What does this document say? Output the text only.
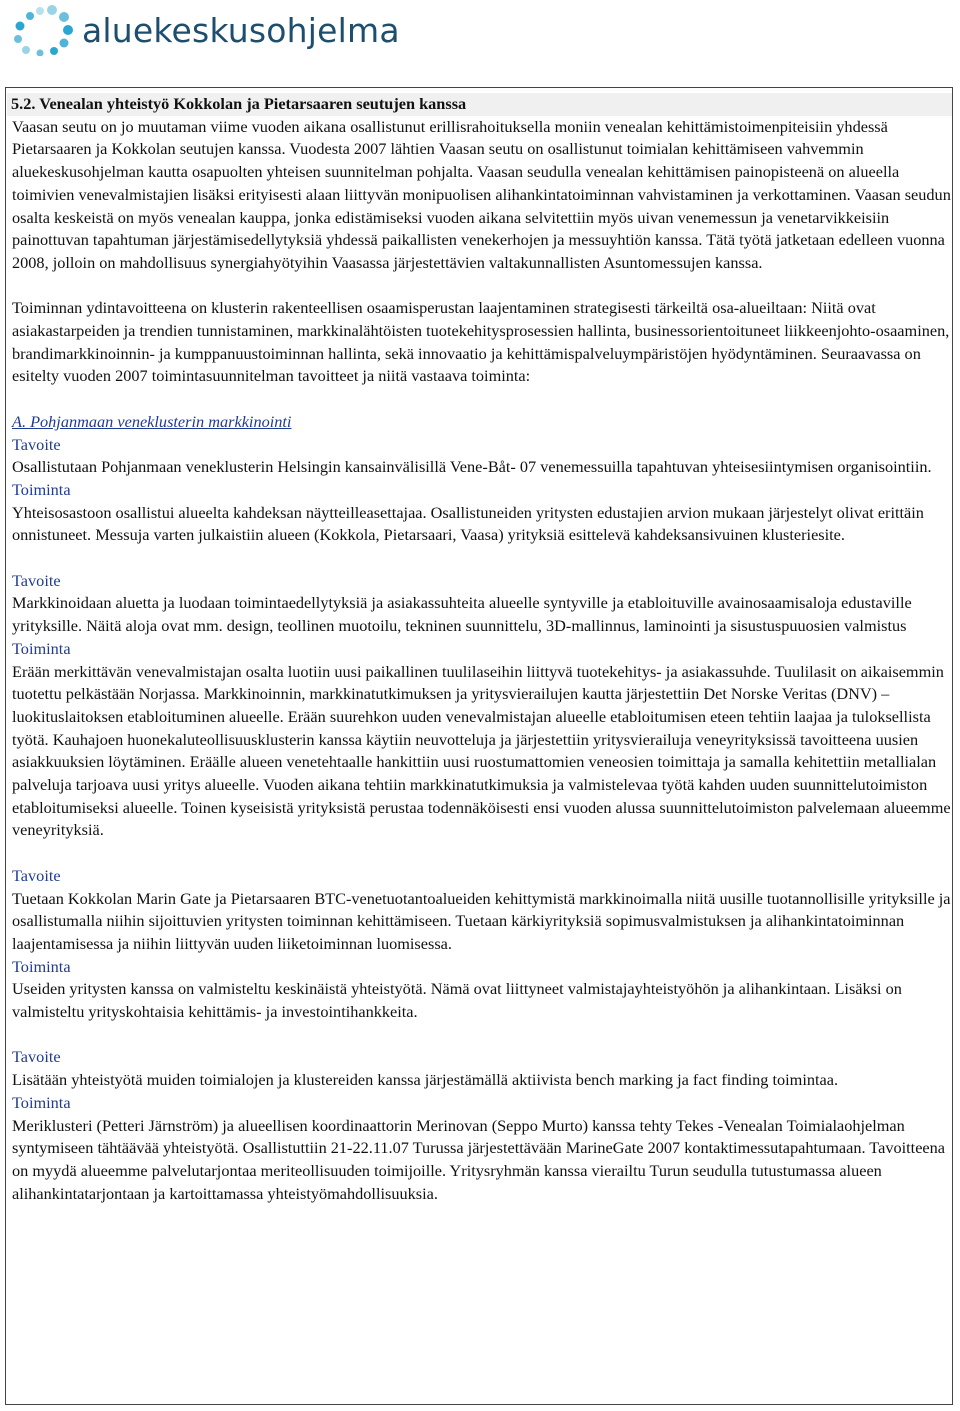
aluekeskusohjelma

5.2. Venealan yhteistyö Kokkolan ja Pietarsaaren seutujen kanssa

Vaasan seutu on jo muutaman viime vuoden aikana osallistunut erillisrahoituksella moniin venealan kehittämistoimenpiteisiin yhdessä Pietarsaaren ja Kokkolan seutujen kanssa. Vuodesta 2007 lähtien Vaasan seutu on osallistunut toimialan kehittämiseen vahvemmin aluekeskusohjelman kautta osapuolten yhteisen suunnitelman pohjalta. Vaasan seudulla venealan kehittämisen painopisteenä on alueella toimivien venevalmistajien lisäksi erityisesti alaan liittyvän monipuolisen alihankintatoiminnan vahvistaminen ja verkottaminen. Vaasan seudun osalta keskeistä on myös venealan kauppa, jonka edistämiseksi vuoden aikana selvitettiin myös uivan venemessun ja venetarvikkeisiin painottuvan tapahtuman järjestämisedellytyksiä yhdessä paikallisten venekerhojen ja messuyhtiön kanssa. Tätä työtä jatketaan edelleen vuonna 2008, jolloin on mahdollisuus synergiahyötyihin Vaasassa järjestettävien valtakunnallisten Asuntomessujen kanssa.

Toiminnan ydintavoitteena on klusterin rakenteellisen osaamisperustan laajentaminen strategisesti tärkeiltä osa-alueiltaan: Niitä ovat asiakastarpeiden ja trendien tunnistaminen, markkinalähtöisten tuotekehitysprosessien hallinta, businessorientoituneet liikkeenjohto-osaaminen, brandimarkkinoinnin- ja kumppanuustoiminnan hallinta, sekä innovaatio ja kehittämispalveluympäristöjen hyödyntäminen. Seuraavassa on esitelty vuoden 2007 toimintasuunnitelman tavoitteet ja niitä vastaava toiminta:

A. Pohjanmaan veneklusterin markkinointi

Tavoite

Osallistutaan Pohjanmaan veneklusterin Helsingin kansainvälisillä Vene-Båt- 07 venemessuilla tapahtuvan yhteisesiintymisen organisointiin.

Toiminta

Yhteisosastoon osallistui alueelta kahdeksan näytteilleasettajaa. Osallistuneiden yritysten edustajien arvion mukaan järjestelyt olivat erittäin onnistuneet. Messuja varten julkaistiin alueen (Kokkola, Pietarsaari, Vaasa) yrityksiä esittelevä kahdeksansivuinen klusteriesite.

Tavoite

Markkinoidaan aluetta ja luodaan toimintaedellytyksiä ja asiakassuhteita alueelle syntyville ja etabloituville avainosaamisaloja edustaville yrityksille. Näitä aloja ovat mm. design, teollinen muotoilu, tekninen suunnittelu, 3D-mallinnus, laminointi ja sisustuspuuosien valmistus

Toiminta

Erään merkittävän venevalmistajan osalta luotiin uusi paikallinen tuulilaseihin liittyvä tuotekehitys- ja asiakassuhde. Tuulilasit on aikaisemmin tuotettu pelkästään Norjassa. Markkinoinnin, markkinatutkimuksen ja yritysvierailujen kautta järjestettiin Det Norske Veritas (DNV) –luokituslaitoksen etabloituminen alueelle. Erään suurehkon uuden venevalmistajan alueelle etabloitumisen eteen tehtiin laajaa ja tuloksellista työtä. Kauhajoen huonekaluteollisuusklusterin kanssa käytiin neuvotteluja ja järjestettiin yritysvierailuja veneyrityksissä tavoitteena uusien asiakkuuksien löytäminen. Eräälle alueen venetehtaalle hankittiin uusi ruostumattomien veneosien toimittaja ja samalla kehitettiin metallialan palveluja tarjoava uusi yritys alueelle. Vuoden aikana tehtiin markkinatutkimuksia ja valmistelevaa työtä kahden uuden suunnittelutoimiston etabloitumiseksi alueelle. Toinen kyseisistä yrityksistä perustaa todennäköisesti ensi vuoden alussa suunnittelutoimiston palvelemaan alueemme veneyrityksiä.

Tavoite

Tuetaan Kokkolan Marin Gate ja Pietarsaaren BTC-venetuotantoalueiden kehittymistä markkinoimalla niitä uusille tuotannollisille yrityksille ja osallistumalla niihin sijoittuvien yritysten toiminnan kehittämiseen. Tuetaan kärkiyrityksiä sopimusvalmistuksen ja alihankintatoiminnan laajentamisessa ja niihin liittyvän uuden liiketoiminnan luomisessa.

Toiminta

Useiden yritysten kanssa on valmisteltu keskinäistä yhteistyötä. Nämä ovat liittyneet valmistajayhteistyöhön ja alihankintaan. Lisäksi on valmisteltu yrityskohtaisia kehittämis- ja investointihankkeita.

Tavoite

Lisätään yhteistyötä muiden toimialojen ja klustereiden kanssa järjestämällä aktiivista bench marking ja fact finding toimintaa.

Toiminta

Meriklusteri (Petteri Järnström) ja alueellisen koordinaattorin Merinovan (Seppo Murto) kanssa tehty Tekes -Venealan Toimialaohjelman syntymiseen tähtäävää yhteistyötä. Osallistuttiin 21-22.11.07 Turussa järjestettävään MarineGate 2007 kontaktimessutapahtumaan. Tavoitteena on myydä alueemme palvelutarjontaa meriteollisuuden toimijoille. Yritysryhmän kanssa vierailtu Turun seudulla tutustumassa alueen alihankintatarjontaan ja kartoittamassa yhteistyömahdollisuuksia.
